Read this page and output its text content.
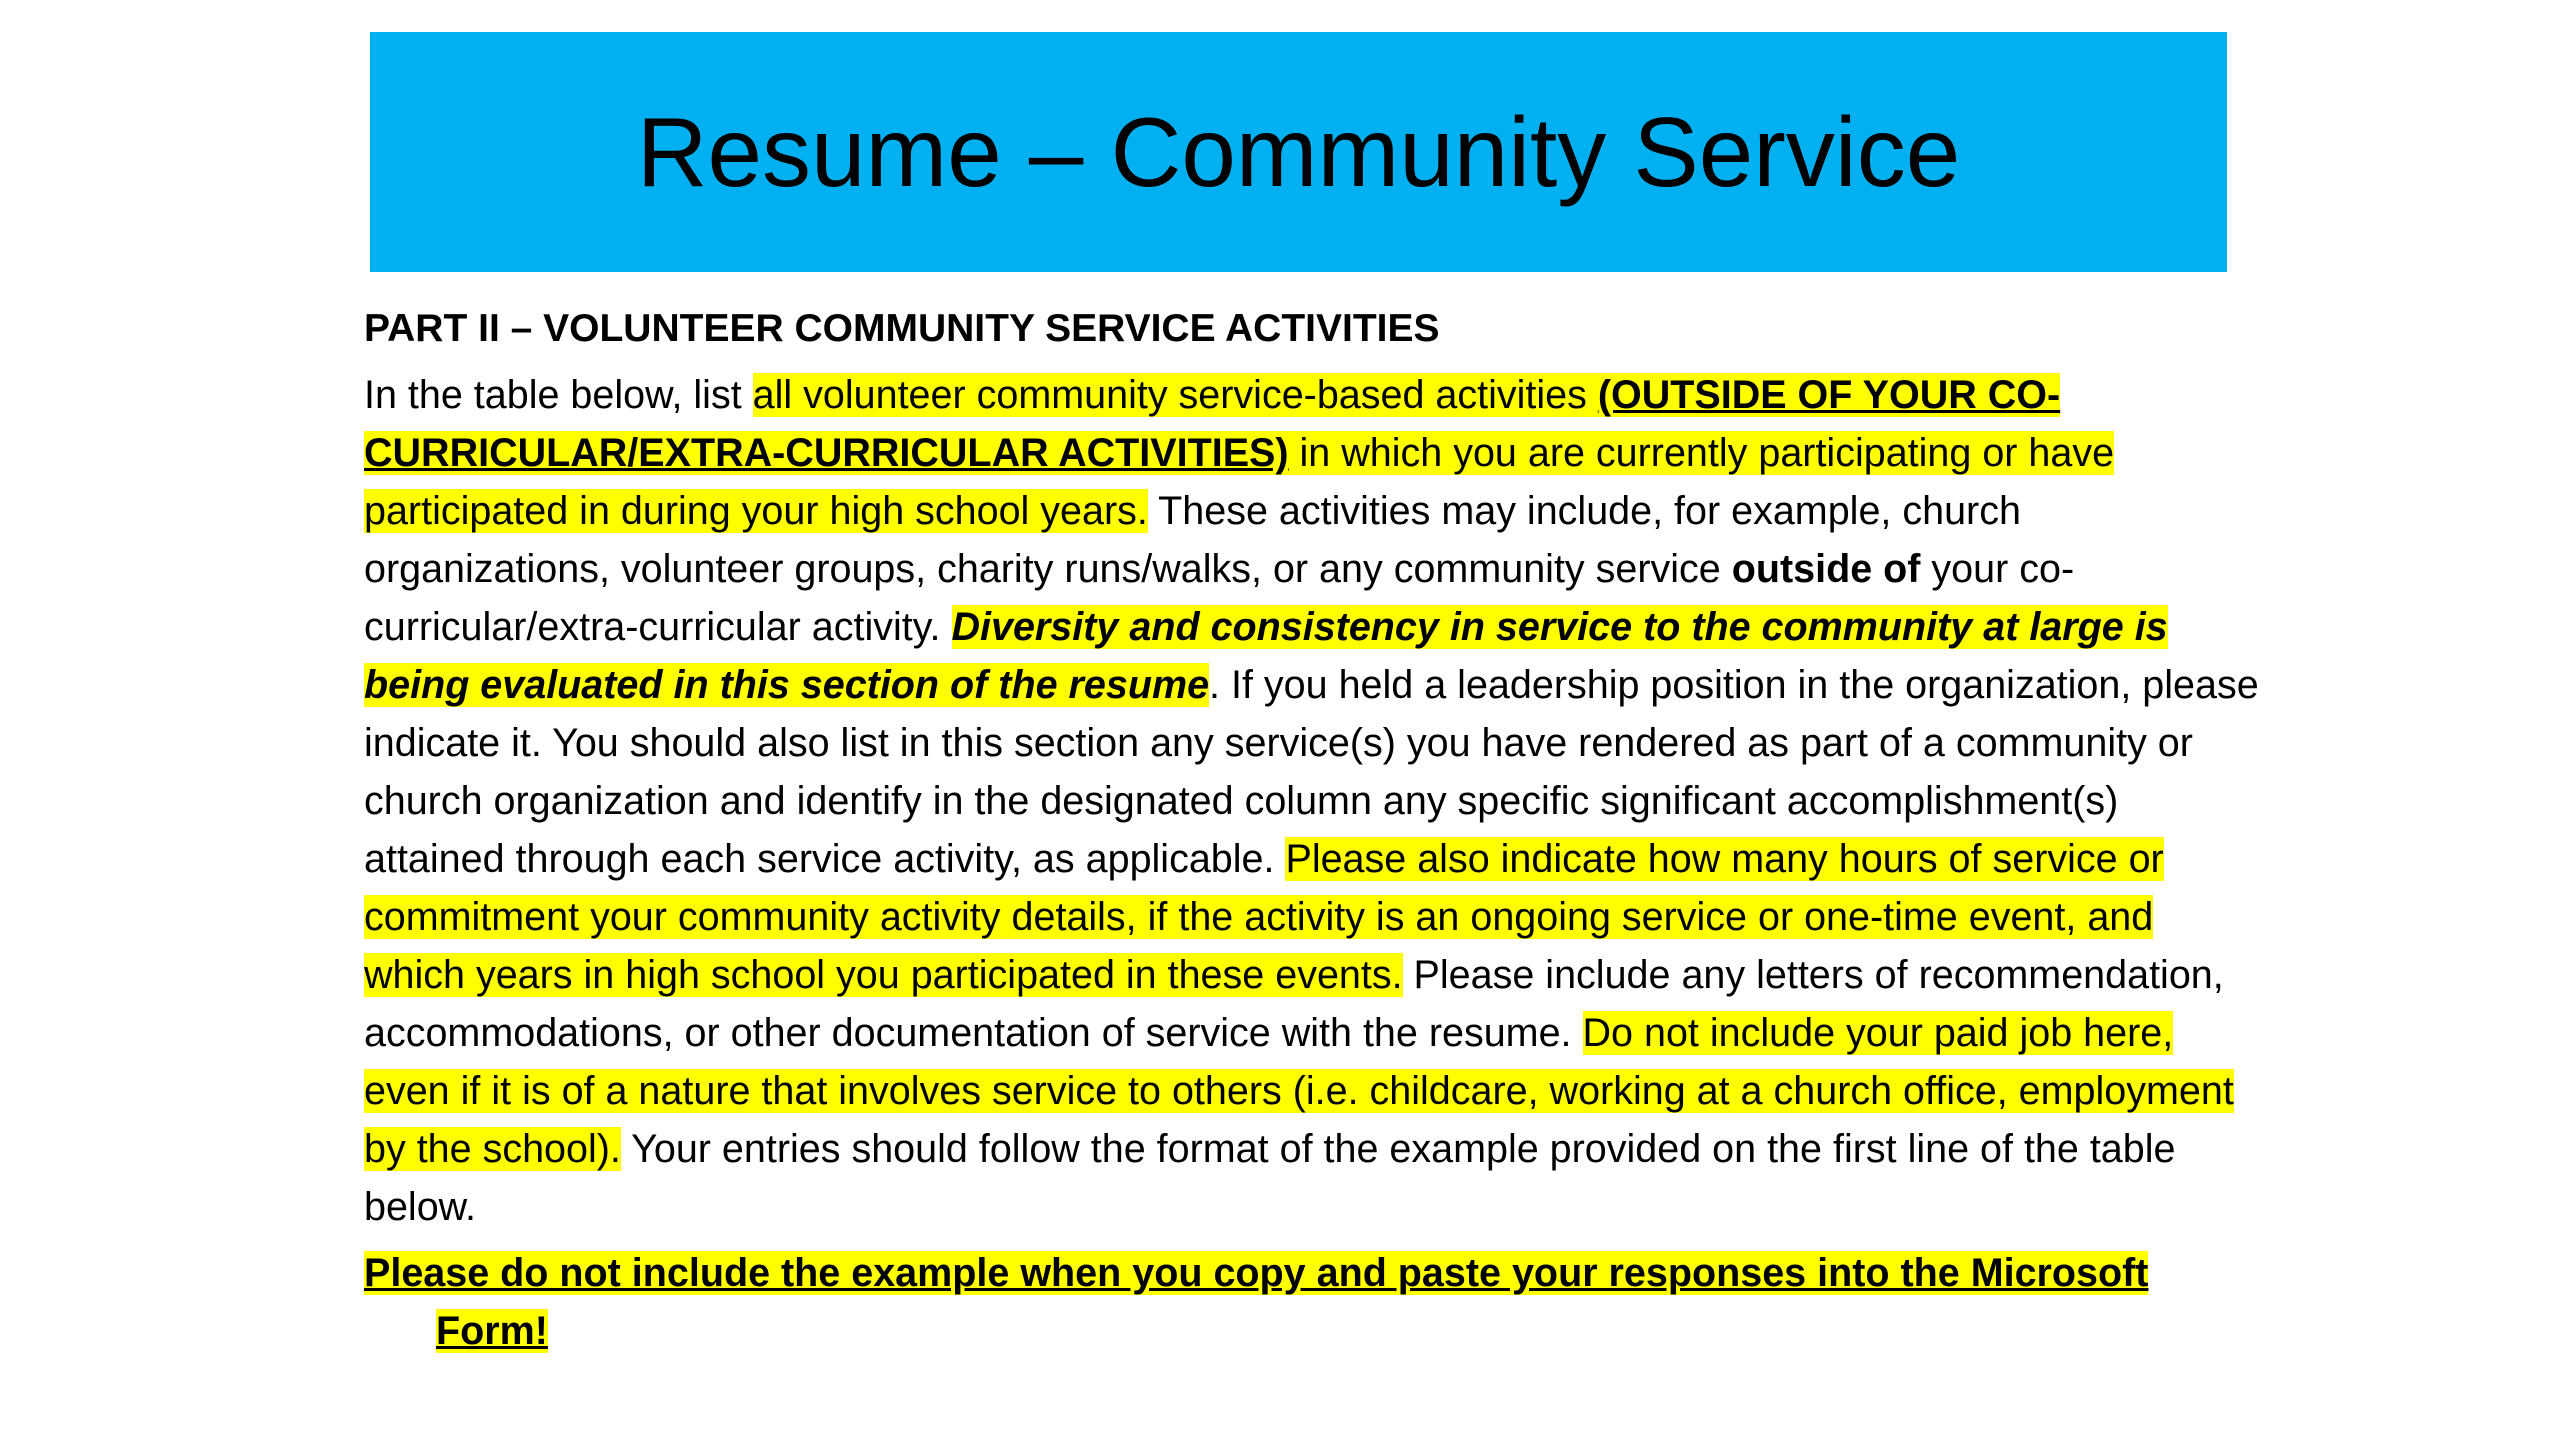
Resume – Community Service
PART II – VOLUNTEER COMMUNITY SERVICE ACTIVITIES

In the table below, list all volunteer community service-based activities (OUTSIDE OF YOUR CO-CURRICULAR/EXTRA-CURRICULAR ACTIVITIES) in which you are currently participating or have participated in during your high school years. These activities may include, for example, church organizations, volunteer groups, charity runs/walks, or any community service outside of your co-curricular/extra-curricular activity. Diversity and consistency in service to the community at large is being evaluated in this section of the resume. If you held a leadership position in the organization, please indicate it. You should also list in this section any service(s) you have rendered as part of a community or church organization and identify in the designated column any specific significant accomplishment(s) attained through each service activity, as applicable. Please also indicate how many hours of service or commitment your community activity details, if the activity is an ongoing service or one-time event, and which years in high school you participated in these events. Please include any letters of recommendation, accommodations, or other documentation of service with the resume. Do not include your paid job here, even if it is of a nature that involves service to others (i.e. childcare, working at a church office, employment by the school). Your entries should follow the format of the example provided on the first line of the table below.

Please do not include the example when you copy and paste your responses into the Microsoft Form!
